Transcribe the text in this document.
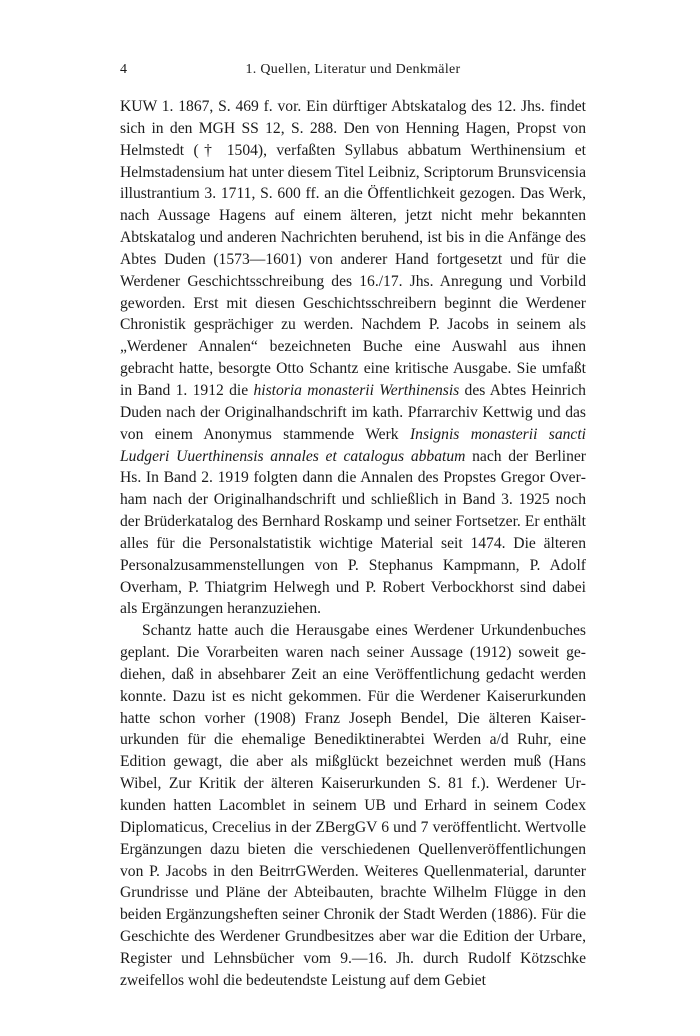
4	1. Quellen, Literatur und Denkmäler

KUW 1. 1867, S. 469 f. vor. Ein dürftiger Abtskatalog des 12. Jhs. findet sich in den MGH SS 12, S. 288. Den von Henning Hagen, Propst von Helmstedt († 1504), verfaßten Syllabus abbatum Werthinensium et Helmstadensium hat unter diesem Titel Leibniz, Scriptorum Brunsvicensia illustrantium 3. 1711, S. 600 ff. an die Öffentlichkeit gezogen. Das Werk, nach Aussage Hagens auf einem älteren, jetzt nicht mehr bekannten Abtskatalog und anderen Nachrichten beruhend, ist bis in die Anfänge des Abtes Duden (1573—1601) von anderer Hand fortgesetzt und für die Werdener Geschichtsschreibung des 16./17. Jhs. Anregung und Vorbild geworden. Erst mit diesen Geschichtsschreibern beginnt die Werdener Chronistik gesprächiger zu werden. Nachdem P. Jacobs in seinem als „Werdener Annalen“ bezeichneten Buche eine Auswahl aus ihnen gebracht hatte, besorgte Otto Schantz eine kritische Ausgabe. Sie umfaßt in Band 1. 1912 die historia monasterii Werthinensis des Abtes Heinrich Duden nach der Originalhandschrift im kath. Pfarrarchiv Kettwig und das von einem Anonymus stammende Werk Insignis monasterii sancti Ludgeri Uuerthinensis annales et catalogus abbatum nach der Berliner Hs. In Band 2. 1919 folgten dann die Annalen des Propstes Gregor Overham nach der Originalhandschrift und schließlich in Band 3. 1925 noch der Brüderkatalog des Bernhard Roskamp und seiner Fortsetzer. Er enthält alles für die Personalstatistik wichtige Material seit 1474. Die älteren Personalzusammenstellungen von P. Stephanus Kampmann, P. Adolf Overham, P. Thiatgrim Helwegh und P. Robert Verbockhorst sind dabei als Ergänzungen heranzuziehen.

Schantz hatte auch die Herausgabe eines Werdener Urkundenbuches geplant. Die Vorarbeiten waren nach seiner Aussage (1912) soweit gediehen, daß in absehbarer Zeit an eine Veröffentlichung gedacht werden konnte. Dazu ist es nicht gekommen. Für die Werdener Kaiserurkunden hatte schon vorher (1908) Franz Joseph Bendel, Die älteren Kaiserurkunden für die ehemalige Benediktinerabtei Werden a/d Ruhr, eine Edition gewagt, die aber als mißglückt bezeichnet werden muß (Hans Wibel, Zur Kritik der älteren Kaiserurkunden S. 81 f.). Werdener Urkunden hatten Lacomblet in seinem UB und Erhard in seinem Codex Diplomaticus, Crecelius in der ZBergGV 6 und 7 veröffentlicht. Wertvolle Ergänzungen dazu bieten die verschiedenen Quellenveröffentlichungen von P. Jacobs in den BeitrrGWerden. Weiteres Quellenmaterial, darunter Grundrisse und Pläne der Abteibauten, brachte Wilhelm Flügge in den beiden Ergänzungsheften seiner Chronik der Stadt Werden (1886). Für die Geschichte des Werdener Grundbesitzes aber war die Edition der Urbare, Register und Lehnsbücher vom 9.—16. Jh. durch Rudolf Kötzschke zweifellos wohl die bedeutendste Leistung auf dem Gebiet
